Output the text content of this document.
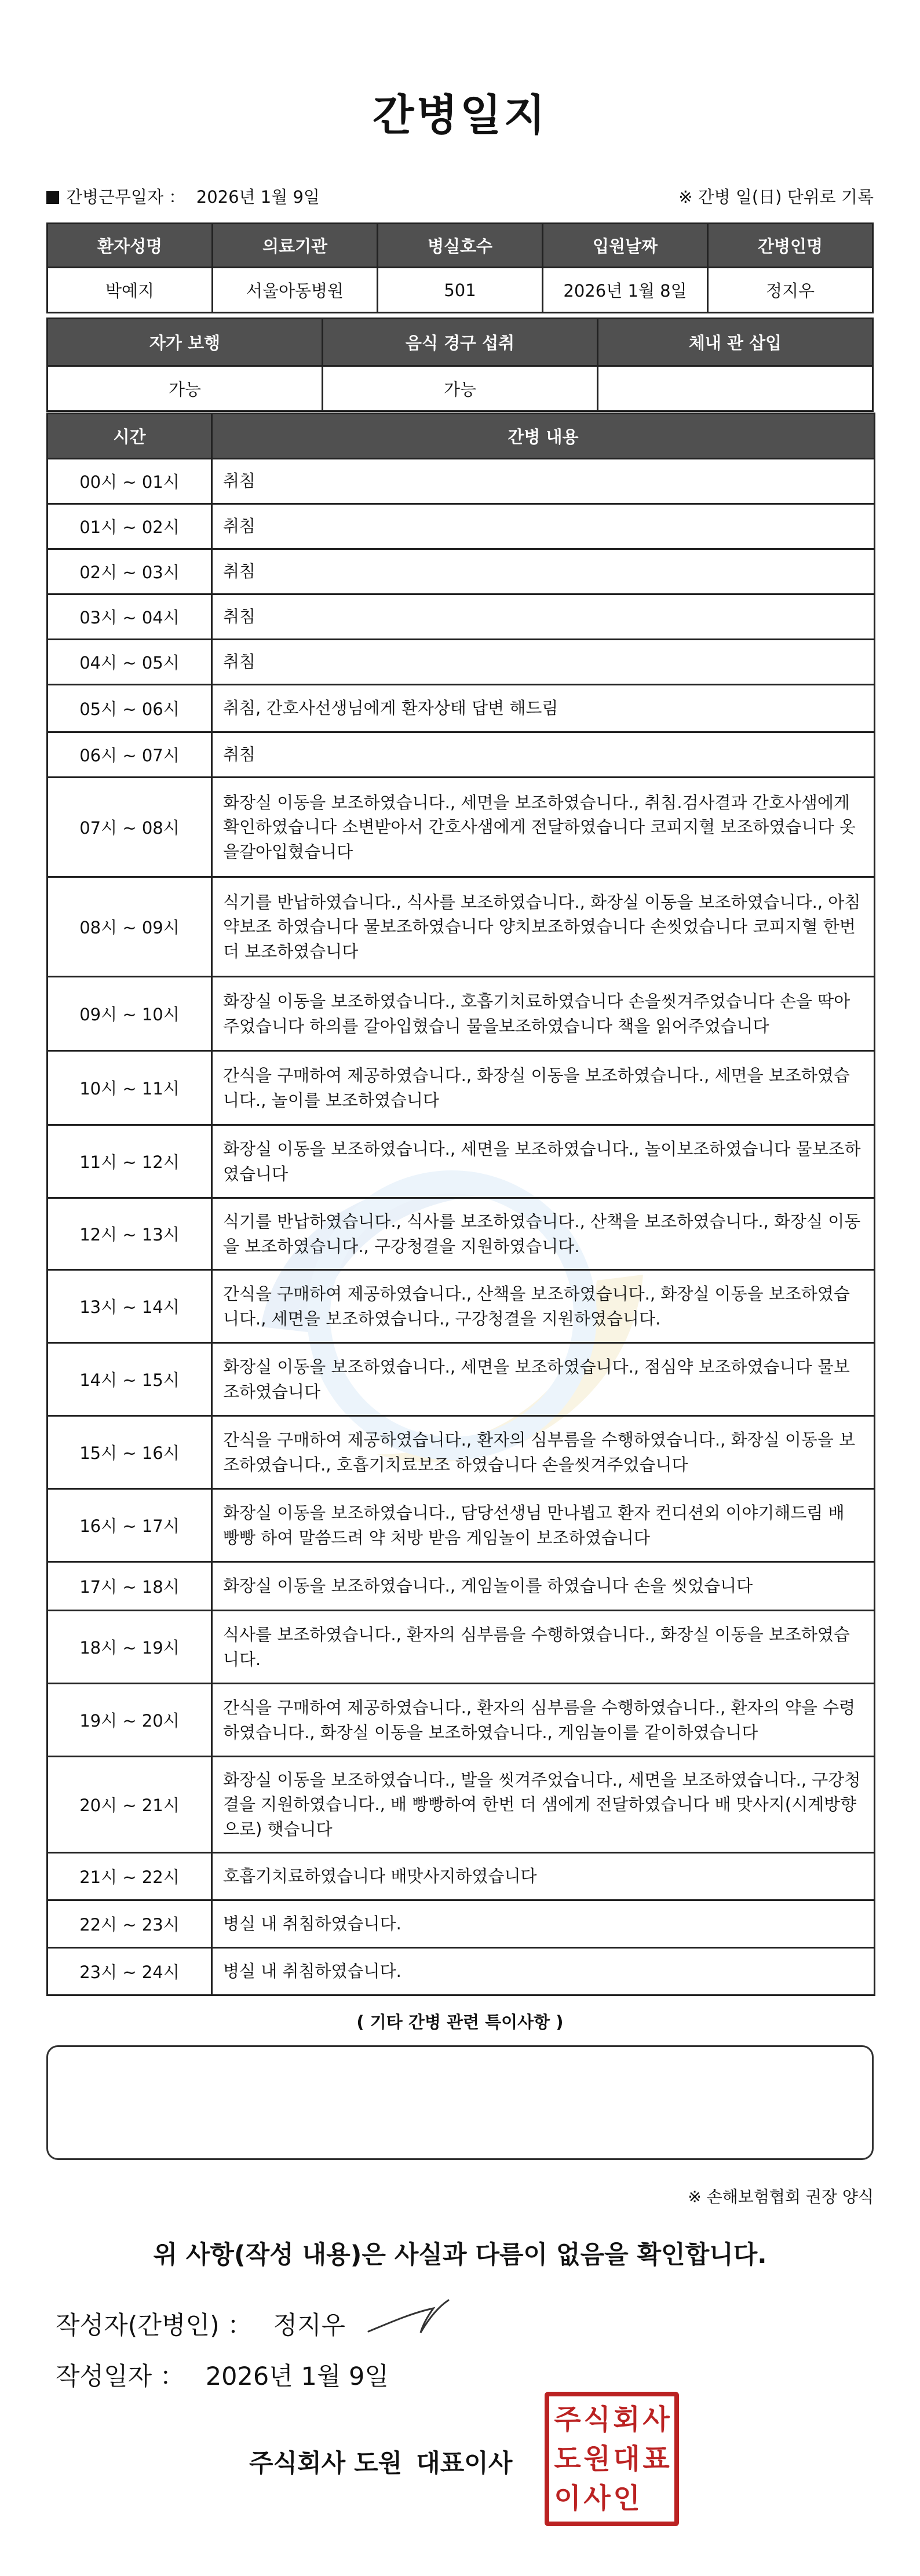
간병일지
간병근무일자 ： 2026년 1월 9일	※ 간병 일(日) 단위로 기록
환자성명	의료기관	병실호수	입원날짜	간병인명
박예지	서울아동병원	501	2026년 1월 8일	정지우
자가 보행	음식 경구 섭취	체내 관 삽입
가능	가능	
시간	간병 내용
00시 ~ 01시	취침
01시 ~ 02시	취침
02시 ~ 03시	취침
03시 ~ 04시	취침
04시 ~ 05시	취침
05시 ~ 06시	취침, 간호사선생님에게 환자상태 답변 해드림
06시 ~ 07시	취침
07시 ~ 08시	화장실 이동을 보조하였습니다., 세면을 보조하였습니다., 취침.검사결과 간호사샘에게 확인하였습니다 소변받아서 간호사샘에게 전달하였습니다 코피지혈 보조하였습니다 옷을갈아입혔습니다
08시 ~ 09시	식기를 반납하였습니다., 식사를 보조하였습니다., 화장실 이동을 보조하였습니다., 아침약보조 하였습니다 물보조하였습니다 양치보조하였습니다 손씻었습니다 코피지혈 한번더 보조하였습니다
09시 ~ 10시	화장실 이동을 보조하였습니다., 호흡기치료하였습니다 손을씻겨주었습니다 손을 딱아주었습니다 하의를 갈아입혔습니 물을보조하였습니다 책을 읽어주었습니다
10시 ~ 11시	간식을 구매하여 제공하였습니다., 화장실 이동을 보조하였습니다., 세면을 보조하였습니다., 놀이를 보조하였습니다
11시 ~ 12시	화장실 이동을 보조하였습니다., 세면을 보조하였습니다., 놀이보조하였습니다 물보조하였습니다
12시 ~ 13시	식기를 반납하였습니다., 식사를 보조하였습니다., 산책을 보조하였습니다., 화장실 이동을 보조하였습니다., 구강청결을 지원하였습니다.
13시 ~ 14시	간식을 구매하여 제공하였습니다., 산책을 보조하였습니다., 화장실 이동을 보조하였습니다., 세면을 보조하였습니다., 구강청결을 지원하였습니다.
14시 ~ 15시	화장실 이동을 보조하였습니다., 세면을 보조하였습니다., 점심약 보조하였습니다 물보조하였습니다
15시 ~ 16시	간식을 구매하여 제공하였습니다., 환자의 심부름을 수행하였습니다., 화장실 이동을 보조하였습니다., 호흡기치료보조 하였습니다 손을씻겨주었습니다
16시 ~ 17시	화장실 이동을 보조하였습니다., 담당선생님 만나뵙고 환자 컨디션외 이야기해드림 배 빵빵 하여 말씀드려 약 처방 받음 게임놀이 보조하였습니다
17시 ~ 18시	화장실 이동을 보조하였습니다., 게임놀이를 하였습니다 손을 씻었습니다
18시 ~ 19시	식사를 보조하였습니다., 환자의 심부름을 수행하였습니다., 화장실 이동을 보조하였습니다.
19시 ~ 20시	간식을 구매하여 제공하였습니다., 환자의 심부름을 수행하였습니다., 환자의 약을 수령하였습니다., 화장실 이동을 보조하였습니다., 게임놀이를 같이하였습니다
20시 ~ 21시	화장실 이동을 보조하였습니다., 발을 씻겨주었습니다., 세면을 보조하였습니다., 구강청결을 지원하였습니다., 배 빵빵하여 한번 더 샘에게 전달하였습니다 배 맛사지(시계방향으로) 햇습니다
21시 ~ 22시	호흡기치료하였습니다 배맛사지하였습니다
22시 ~ 23시	병실 내 취침하였습니다.
23시 ~ 24시	병실 내 취침하였습니다.
( 기타 간병 관련 특이사항 )
※ 손해보험협회 권장 양식
위 사항(작성 내용)은 사실과 다름이 없음을 확인합니다.
작성자(간병인) ： 정지우
작성일자 ： 2026년 1월 9일
주식회사 도원 대표이사
주 식 회 사
도 원 대 표
이 사 인
